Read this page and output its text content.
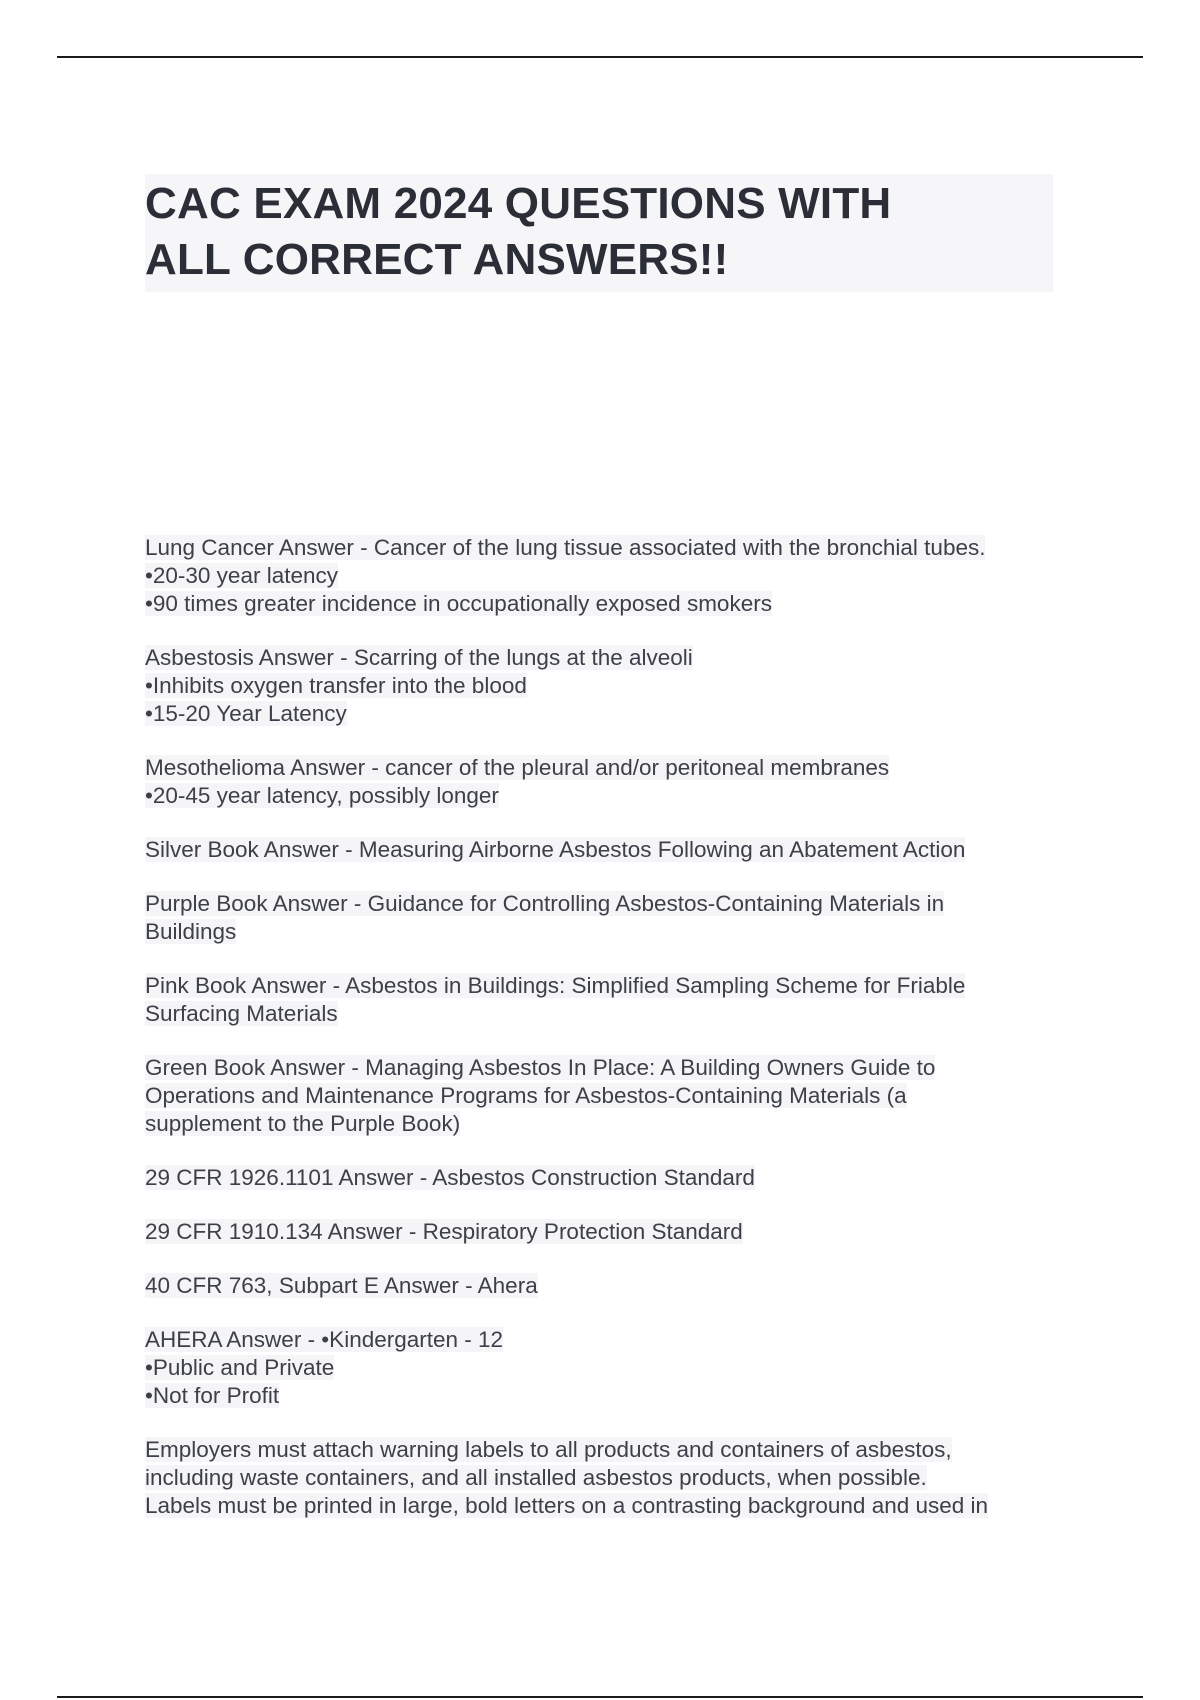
CAC EXAM 2024 QUESTIONS WITH
ALL CORRECT ANSWERS!!
Lung Cancer Answer - Cancer of the lung tissue associated with the bronchial tubes.
•20-30 year latency
•90 times greater incidence in occupationally exposed smokers
Asbestosis Answer - Scarring of the lungs at the alveoli
•Inhibits oxygen transfer into the blood
•15-20 Year Latency
Mesothelioma Answer - cancer of the pleural and/or peritoneal membranes
•20-45 year latency, possibly longer
Silver Book Answer - Measuring Airborne Asbestos Following an Abatement Action
Purple Book Answer - Guidance for Controlling Asbestos-Containing Materials in
Buildings
Pink Book Answer - Asbestos in Buildings: Simplified Sampling Scheme for Friable
Surfacing Materials
Green Book Answer - Managing Asbestos In Place: A Building Owners Guide to
Operations and Maintenance Programs for Asbestos-Containing Materials (a
supplement to the Purple Book)
29 CFR 1926.1101 Answer - Asbestos Construction Standard
29 CFR 1910.134 Answer - Respiratory Protection Standard
40 CFR 763, Subpart E Answer - Ahera
AHERA Answer - •Kindergarten - 12
•Public and Private
•Not for Profit
Employers must attach warning labels to all products and containers of asbestos,
including waste containers, and all installed asbestos products, when possible.
Labels must be printed in large, bold letters on a contrasting background and used in
